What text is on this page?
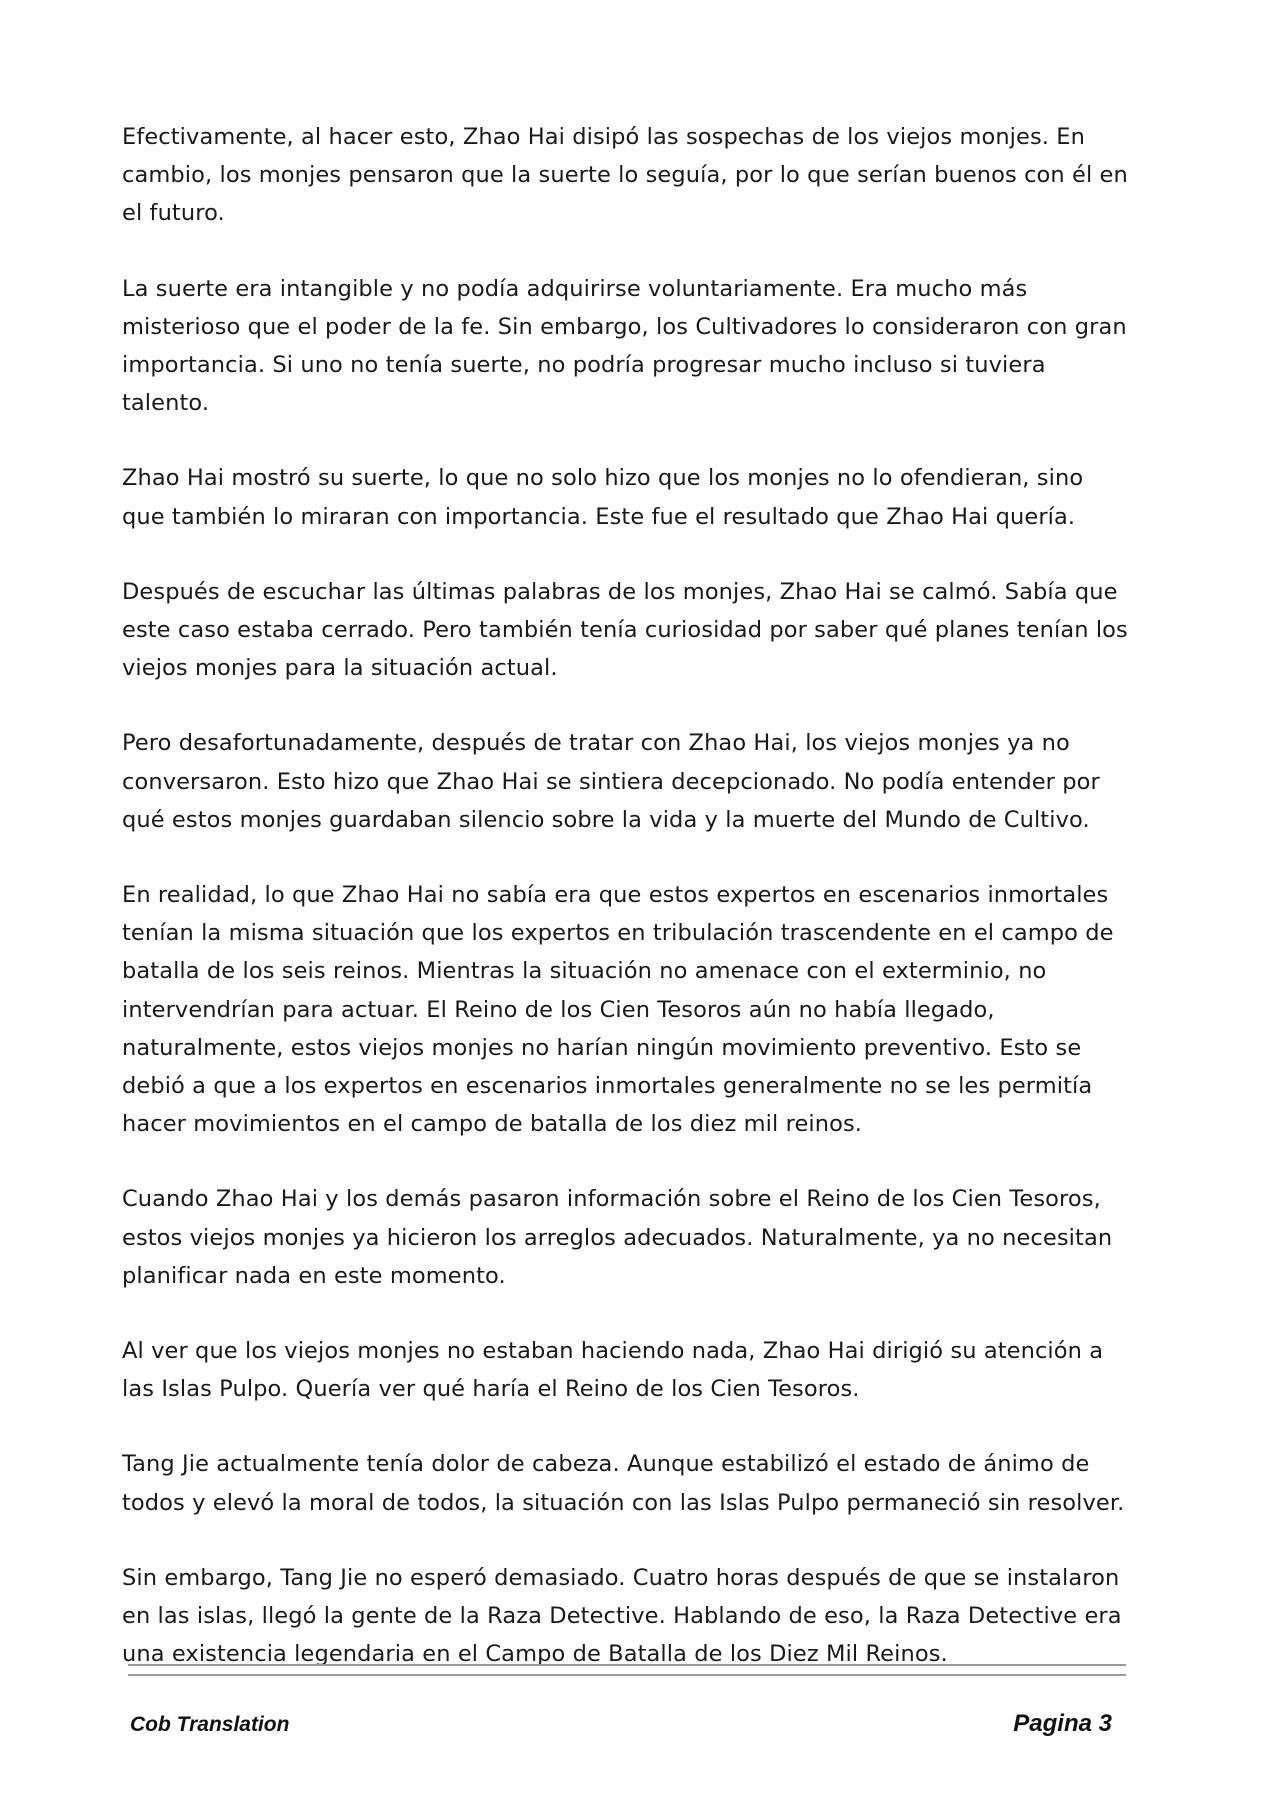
Efectivamente, al hacer esto, Zhao Hai disipó las sospechas de los viejos monjes. En cambio, los monjes pensaron que la suerte lo seguía, por lo que serían buenos con él en el futuro.

La suerte era intangible y no podía adquirirse voluntariamente. Era mucho más misterioso que el poder de la fe. Sin embargo, los Cultivadores lo consideraron con gran importancia. Si uno no tenía suerte, no podría progresar mucho incluso si tuviera talento.

Zhao Hai mostró su suerte, lo que no solo hizo que los monjes no lo ofendieran, sino que también lo miraran con importancia. Este fue el resultado que Zhao Hai quería.

Después de escuchar las últimas palabras de los monjes, Zhao Hai se calmó. Sabía que este caso estaba cerrado. Pero también tenía curiosidad por saber qué planes tenían los viejos monjes para la situación actual.

Pero desafortunadamente, después de tratar con Zhao Hai, los viejos monjes ya no conversaron. Esto hizo que Zhao Hai se sintiera decepcionado. No podía entender por qué estos monjes guardaban silencio sobre la vida y la muerte del Mundo de Cultivo.

En realidad, lo que Zhao Hai no sabía era que estos expertos en escenarios inmortales tenían la misma situación que los expertos en tribulación trascendente en el campo de batalla de los seis reinos. Mientras la situación no amenace con el exterminio, no intervendrían para actuar. El Reino de los Cien Tesoros aún no había llegado, naturalmente, estos viejos monjes no harían ningún movimiento preventivo. Esto se debió a que a los expertos en escenarios inmortales generalmente no se les permitía hacer movimientos en el campo de batalla de los diez mil reinos.

Cuando Zhao Hai y los demás pasaron información sobre el Reino de los Cien Tesoros, estos viejos monjes ya hicieron los arreglos adecuados. Naturalmente, ya no necesitan planificar nada en este momento.

Al ver que los viejos monjes no estaban haciendo nada, Zhao Hai dirigió su atención a las Islas Pulpo. Quería ver qué haría el Reino de los Cien Tesoros.

Tang Jie actualmente tenía dolor de cabeza. Aunque estabilizó el estado de ánimo de todos y elevó la moral de todos, la situación con las Islas Pulpo permaneció sin resolver.

Sin embargo, Tang Jie no esperó demasiado. Cuatro horas después de que se instalaron en las islas, llegó la gente de la Raza Detective. Hablando de eso, la Raza Detective era una existencia legendaria en el Campo de Batalla de los Diez Mil Reinos.

Cob Translation	Pagina 3
